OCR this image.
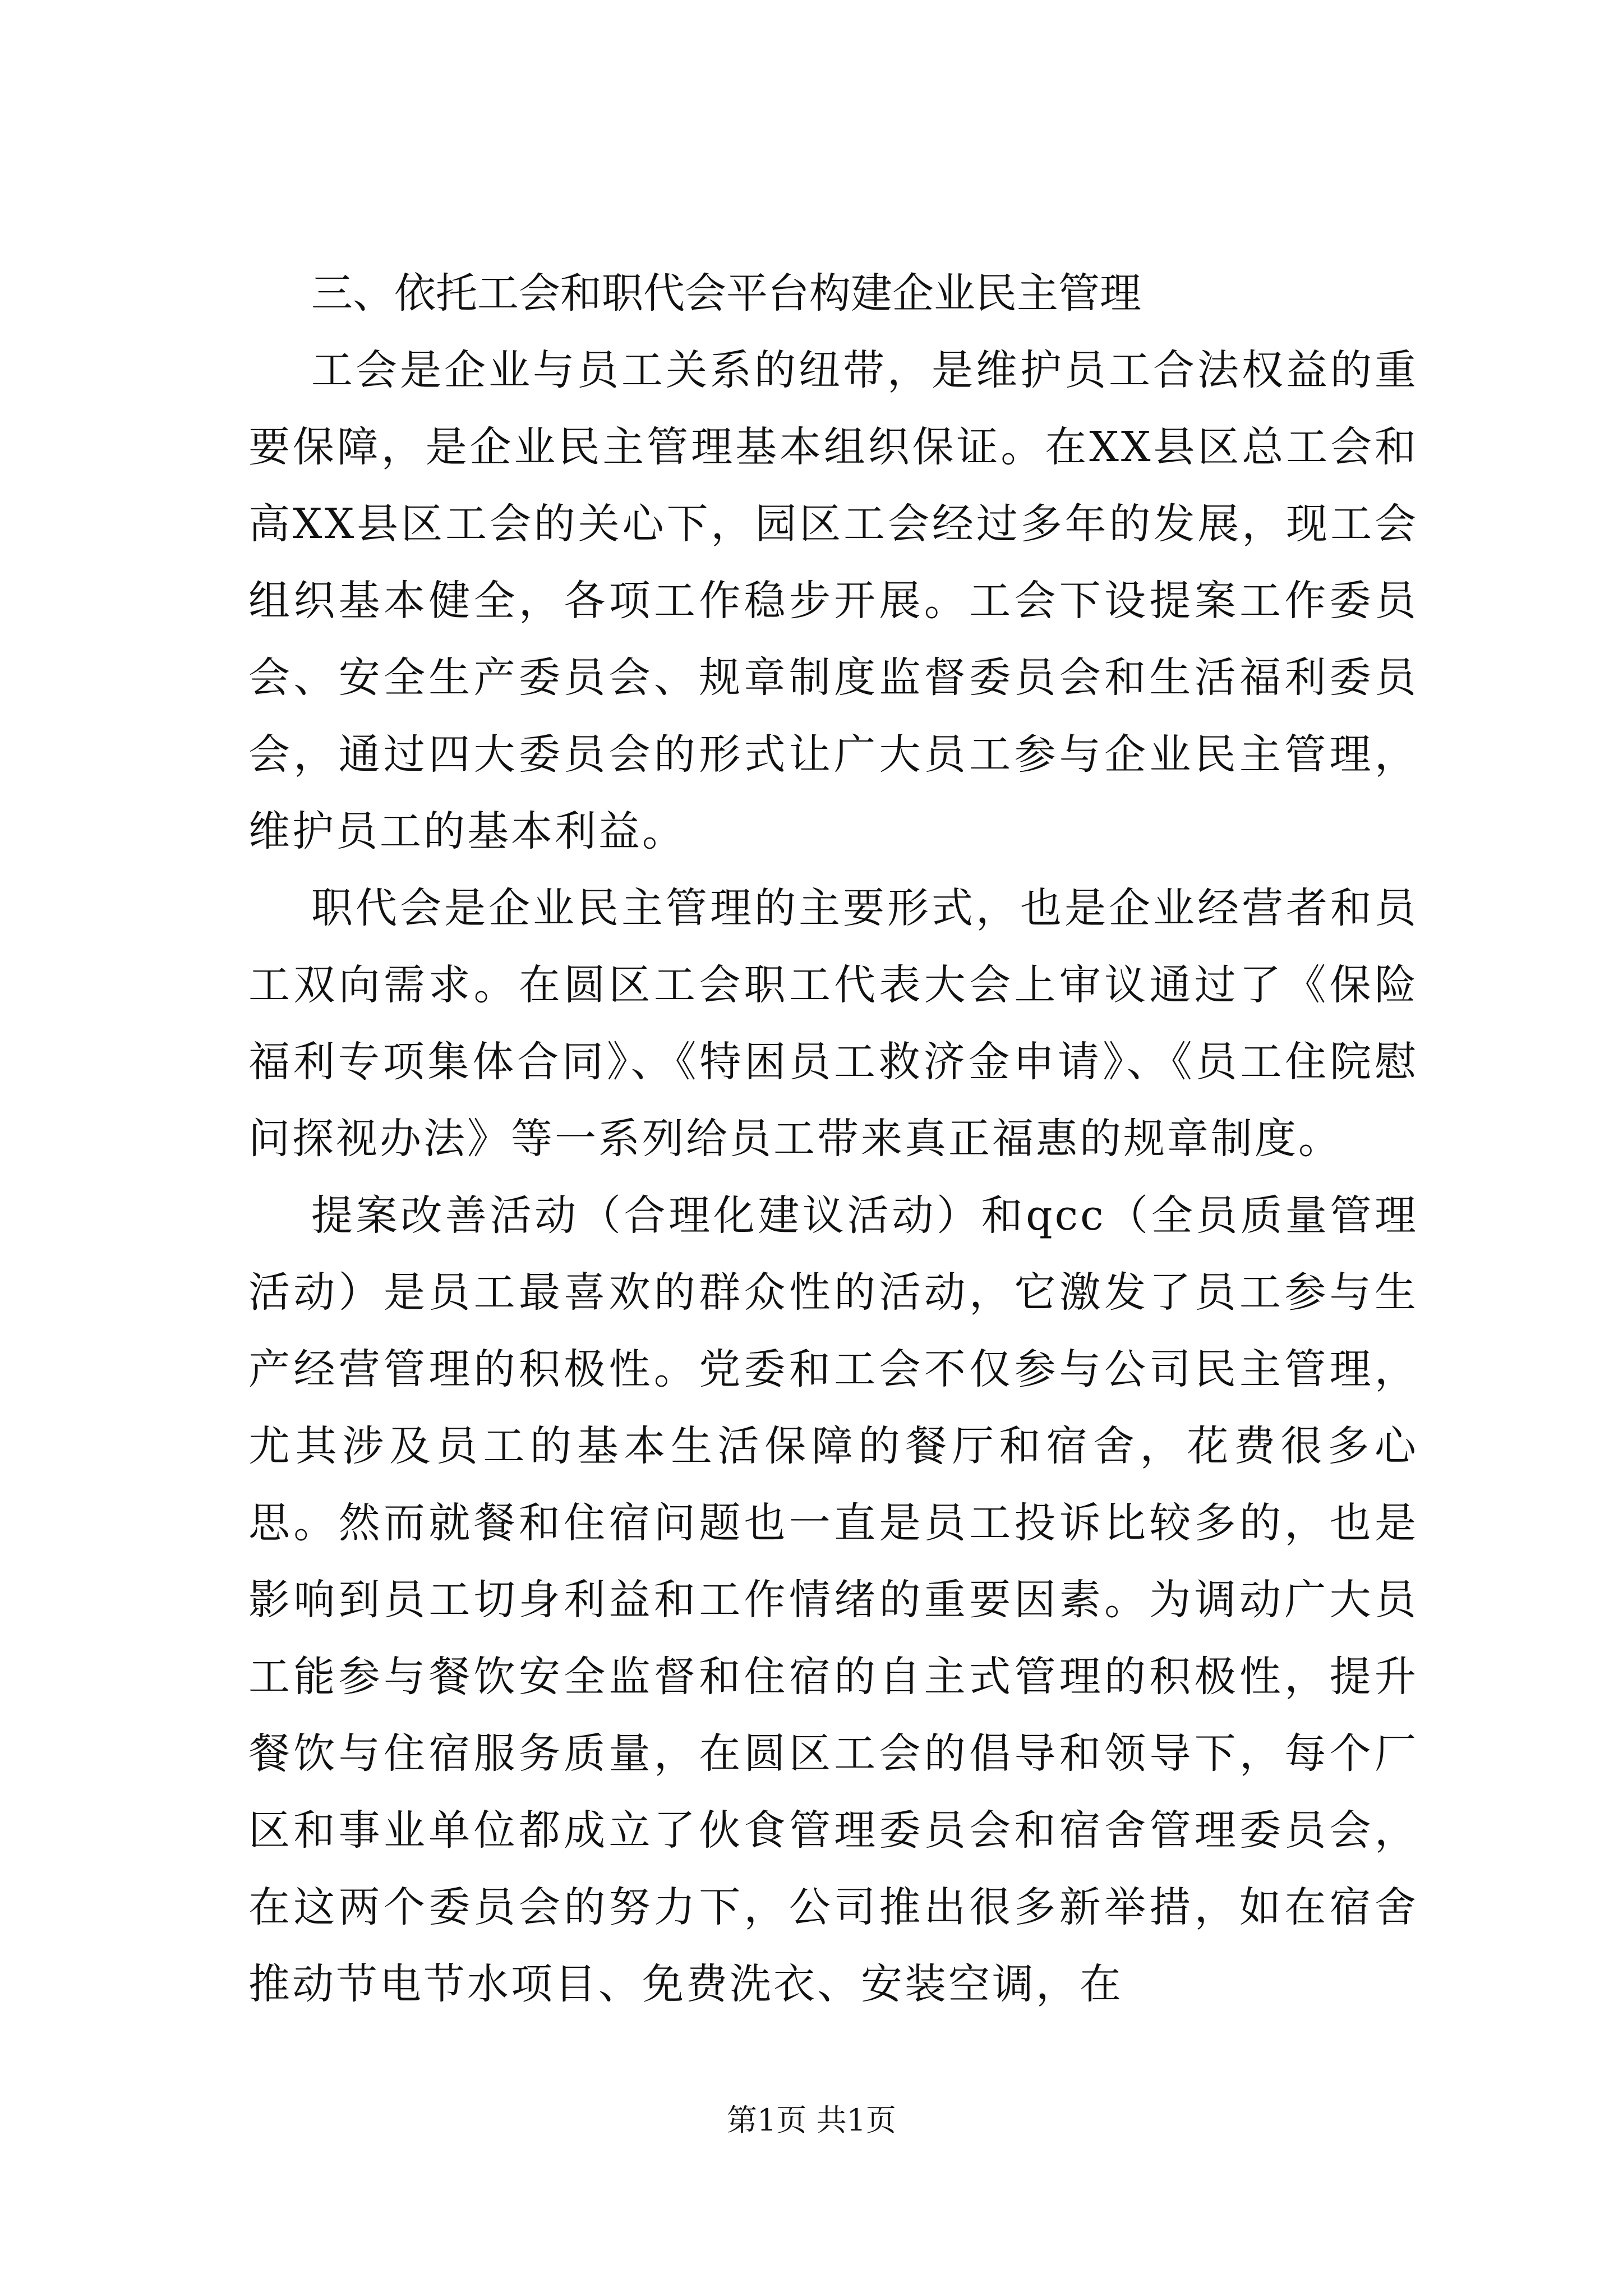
三、依托工会和职代会平台构建企业民主管理

工会是企业与员工关系的纽带，是维护员工合法权益的重要保障，是企业民主管理基本组织保证。在XX县区总工会和高XX县区工会的关心下，园区工会经过多年的发展，现工会组织基本健全，各项工作稳步开展。工会下设提案工作委员会、安全生产委员会、规章制度监督委员会和生活福利委员会，通过四大委员会的形式让广大员工参与企业民主管理，维护员工的基本利益。

职代会是企业民主管理的主要形式，也是企业经营者和员工双向需求。在圆区工会职工代表大会上审议通过了《保险福利专项集体合同》、《特困员工救济金申请》、《员工住院慰问探视办法》等一系列给员工带来真正福惠的规章制度。

提案改善活动（合理化建议活动）和qcc（全员质量管理活动）是员工最喜欢的群众性的活动，它激发了员工参与生产经营管理的积极性。党委和工会不仅参与公司民主管理，尤其涉及员工的基本生活保障的餐厅和宿舍，花费很多心思。然而就餐和住宿问题也一直是员工投诉比较多的，也是影响到员工切身利益和工作情绪的重要因素。为调动广大员工能参与餐饮安全监督和住宿的自主式管理的积极性，提升餐饮与住宿服务质量，在圆区工会的倡导和领导下，每个厂区和事业单位都成立了伙食管理委员会和宿舍管理委员会，在这两个委员会的努力下，公司推出很多新举措，如在宿舍推动节电节水项目、免费洗衣、安装空调，在

第1页 共1页
